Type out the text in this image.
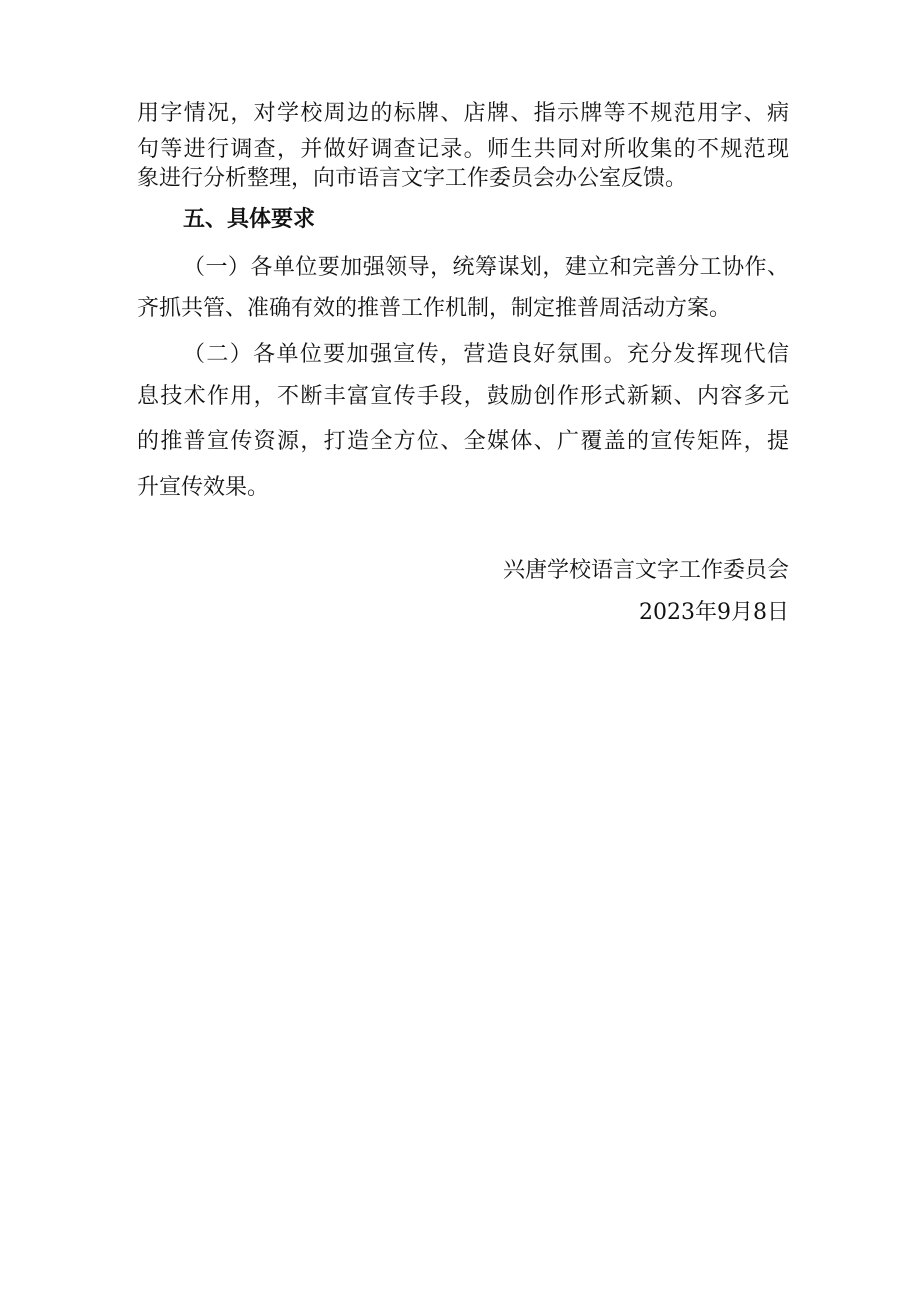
用字情况，对学校周边的标牌、店牌、指示牌等不规范用字、病
句等进行调查，并做好调查记录。师生共同对所收集的不规范现
象进行分析整理，向市语言文字工作委员会办公室反馈。
五、具体要求
（一）各单位要加强领导，统筹谋划，建立和完善分工协作、
齐抓共管、准确有效的推普工作机制，制定推普周活动方案。
（二）各单位要加强宣传，营造良好氛围。充分发挥现代信
息技术作用，不断丰富宣传手段，鼓励创作形式新颖、内容多元
的推普宣传资源，打造全方位、全媒体、广覆盖的宣传矩阵，提
升宣传效果。
兴唐学校语言文字工作委员会
2023年9月8日
